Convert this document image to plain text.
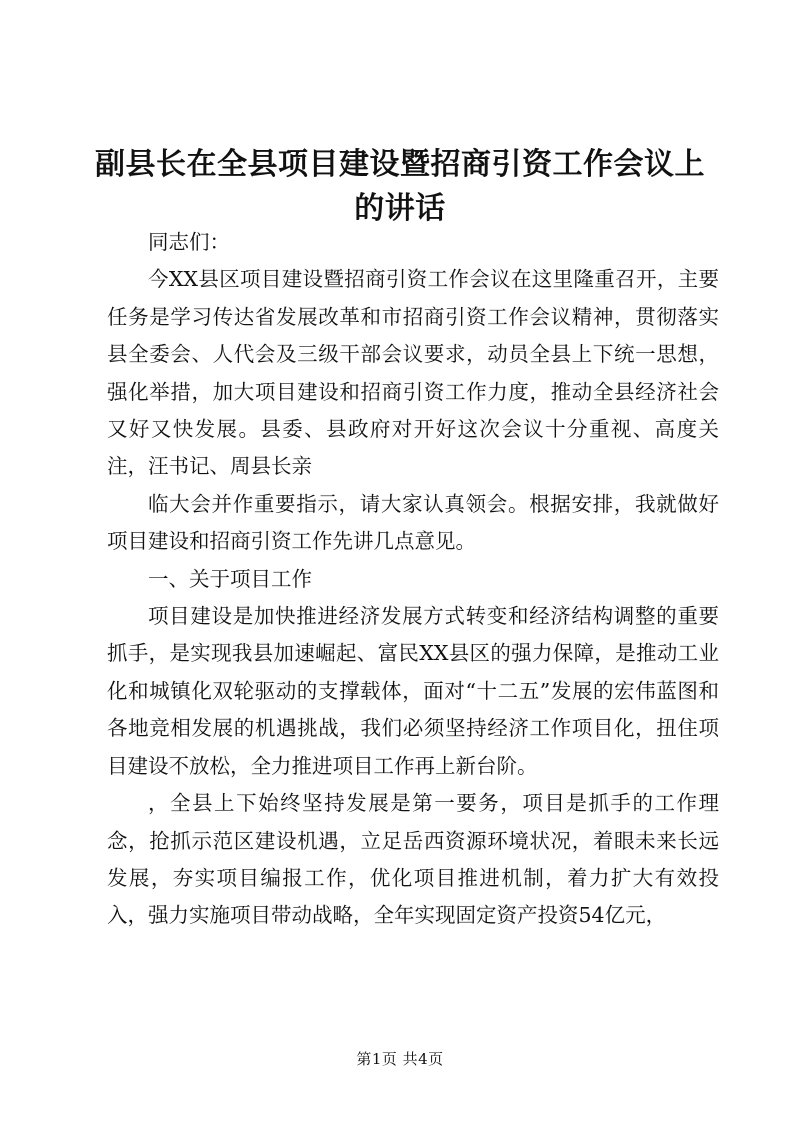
副县长在全县项目建设暨招商引资工作会议上的讲话

同志们：

今XX县区项目建设暨招商引资工作会议在这里隆重召开，主要任务是学习传达省发展改革和市招商引资工作会议精神，贯彻落实县全委会、人代会及三级干部会议要求，动员全县上下统一思想，强化举措，加大项目建设和招商引资工作力度，推动全县经济社会又好又快发展。县委、县政府对开好这次会议十分重视、高度关注，汪书记、周县长亲

临大会并作重要指示，请大家认真领会。根据安排，我就做好项目建设和招商引资工作先讲几点意见。

一、关于项目工作

项目建设是加快推进经济发展方式转变和经济结构调整的重要抓手，是实现我县加速崛起、富民XX县区的强力保障，是推动工业化和城镇化双轮驱动的支撑载体，面对“十二五”发展的宏伟蓝图和各地竞相发展的机遇挑战，我们必须坚持经济工作项目化，扭住项目建设不放松，全力推进项目工作再上新台阶。

，全县上下始终坚持发展是第一要务，项目是抓手的工作理念，抢抓示范区建设机遇，立足岳西资源环境状况，着眼未来长远发展，夯实项目编报工作，优化项目推进机制，着力扩大有效投入，强力实施项目带动战略，全年实现固定资产投资54亿元，

第1页 共4页
